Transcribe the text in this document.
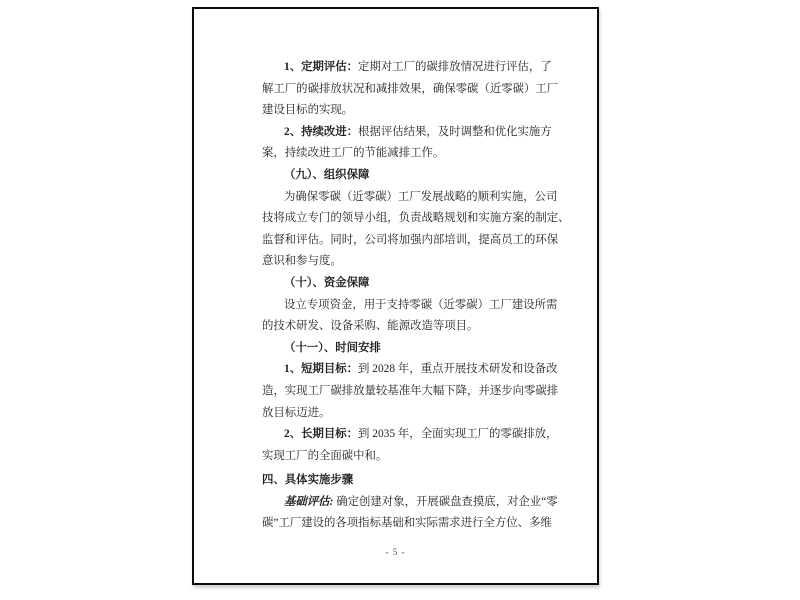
1、定期评估：定期对工厂的碳排放情况进行评估，了
解工厂的碳排放状况和减排效果，确保零碳（近零碳）工厂
建设目标的实现。
2、持续改进：根据评估结果，及时调整和优化实施方
案，持续改进工厂的节能减排工作。
（九）、组织保障
为确保零碳（近零碳）工厂发展战略的顺利实施，公司
技将成立专门的领导小组，负责战略规划和实施方案的制定、
监督和评估。同时，公司将加强内部培训，提高员工的环保
意识和参与度。
（十）、资金保障
设立专项资金，用于支持零碳（近零碳）工厂建设所需
的技术研发、设备采购、能源改造等项目。
（十一）、时间安排
1、短期目标：到 2028 年，重点开展技术研发和设备改
造，实现工厂碳排放量较基准年大幅下降，并逐步向零碳排
放目标迈进。
2、长期目标：到 2035 年，全面实现工厂的零碳排放，
实现工厂的全面碳中和。
四、具体实施步骤
基础评估: 确定创建对象，开展碳盘查摸底，对企业“零
碳”工厂建设的各项指标基础和实际需求进行全方位、多维
- 5 -
